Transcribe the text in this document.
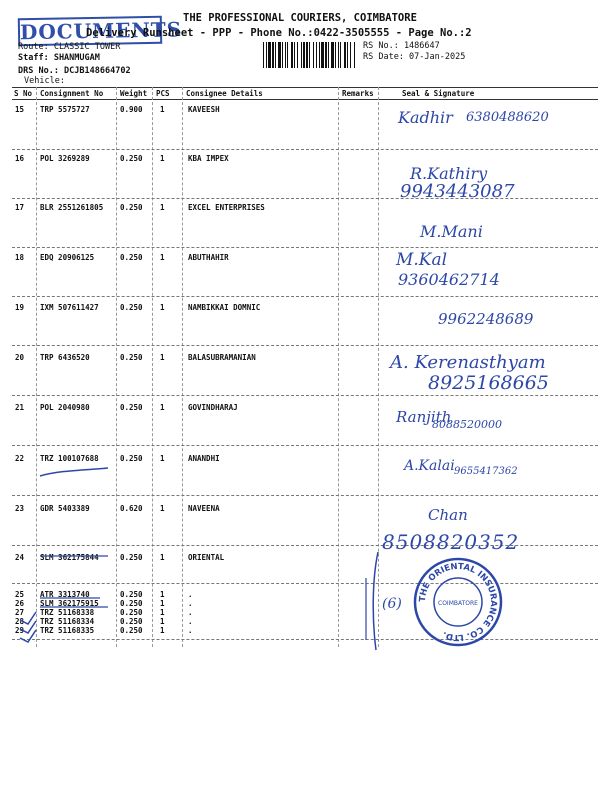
DOCUMENTS THE PROFESSIONAL COURIERS, COIMBATORE
Delivery Runsheet - PPP - Phone No.:0422-3505555 - Page No.:2
Route: CLASSIC TOWER
Staff: SHANMUGAM
DRS No.: DCJB148664702
Vehicle:
RS No.: 1486647
RS Date: 07-Jan-2025
S No Consignment No Weight PCS Consignee Details	Remarks	Seal & Signature
15 TRP 5575727	0.900 1	KAVEESH
16 POL 3269289	0.250 1	KBA IMPEX
17 BLR 2551261805 0.250 1	EXCEL ENTERPRISES
18 EDQ 20906125	0.250 1	ABUTHAHIR
19 IXM 507611427	0.250 1	NAMBIKKAI DOMNIC
20 TRP 6436520	0.250 1	BALASUBRAMANIAN
21 POL 2040980	0.250 1	GOVINDHARAJ
22 TRZ 100107688	0.250 1	ANANDHI
23 GDR 5403389	0.620 1	NAVEENA
24 SLM 362175844	0.250 1	ORIENTAL
25 ATR 3313740	0.250 1	.
26 SLM 362175915	0.250 1	.
27 TRZ 51168338	0.250 1	.
28 TRZ 51168334	0.250 1	.
29 TRZ 51168335	0.250 1	.
Kadhir 6380488620
R.Kathiry
9943443087
M.Mani
M.Kal
9360462714
9962248689
A. Kerenasthyam
8925168665
Ranjith
8088520000
A.Kalai 9655417362
Chan
8508820352
THE ORIENTAL INSURANCE CO. LTD.
COIMBATORE
(6)
